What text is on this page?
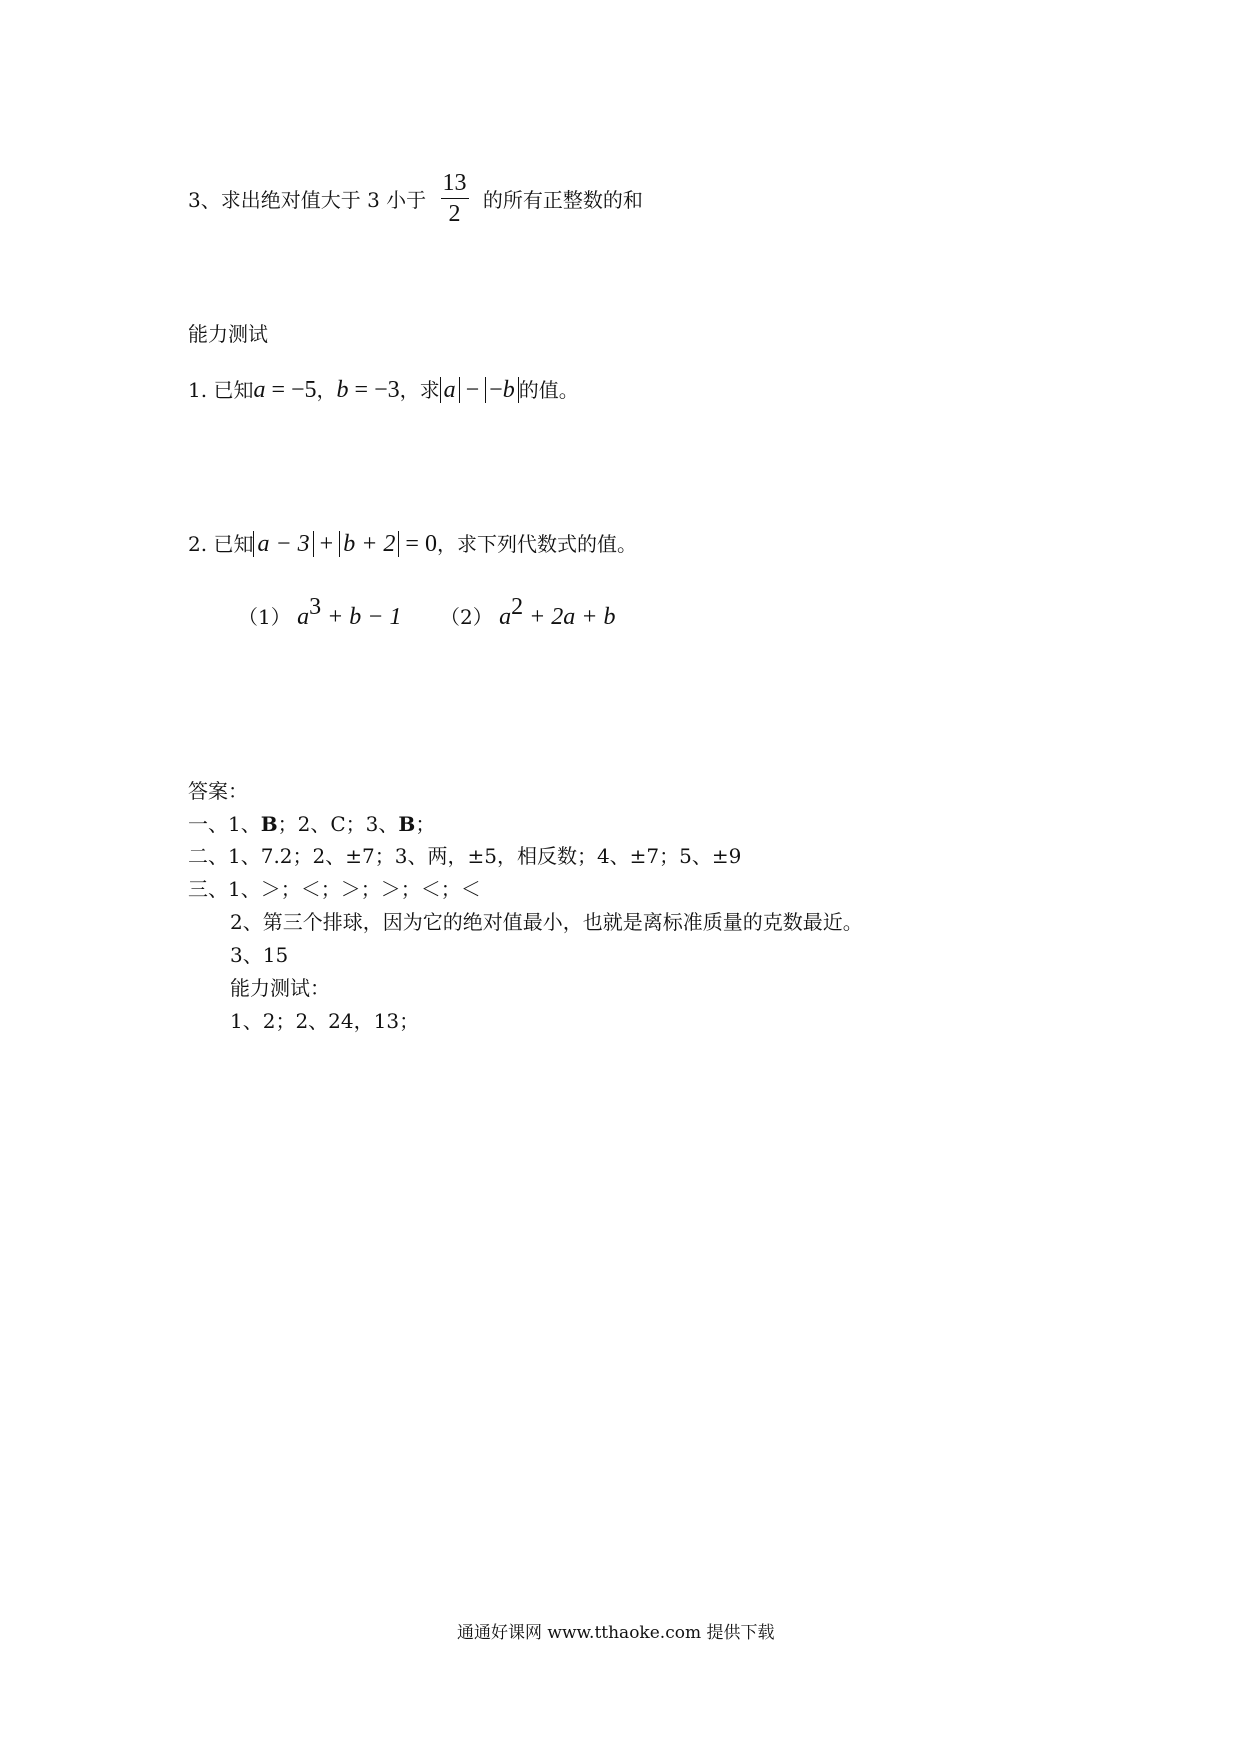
3、求出绝对值大于 3 小于 $\frac{13}{2}$ 的所有正整数的和
能力测试
1. 已知a = −5，b = −3，求 a − −b 的值。
2. 已知 a − 3 + b + 2 = 0，求下列代数式的值。
（1） $a^3 + b - 1$ （2） $a^2 + 2a + b$
答案：
一、1、B；2、C；3、B；
二、1、7.2；2、±7；3、两，±5，相反数；4、±7；5、±9
三、1、＞；＜；＞；＞；＜；＜
2、第三个排球，因为它的绝对值最小，也就是离标准质量的克数最近。
3、15
能力测试：
1、2；2、24，13；
通通好课网 www.tthaoke.com 提供下载
